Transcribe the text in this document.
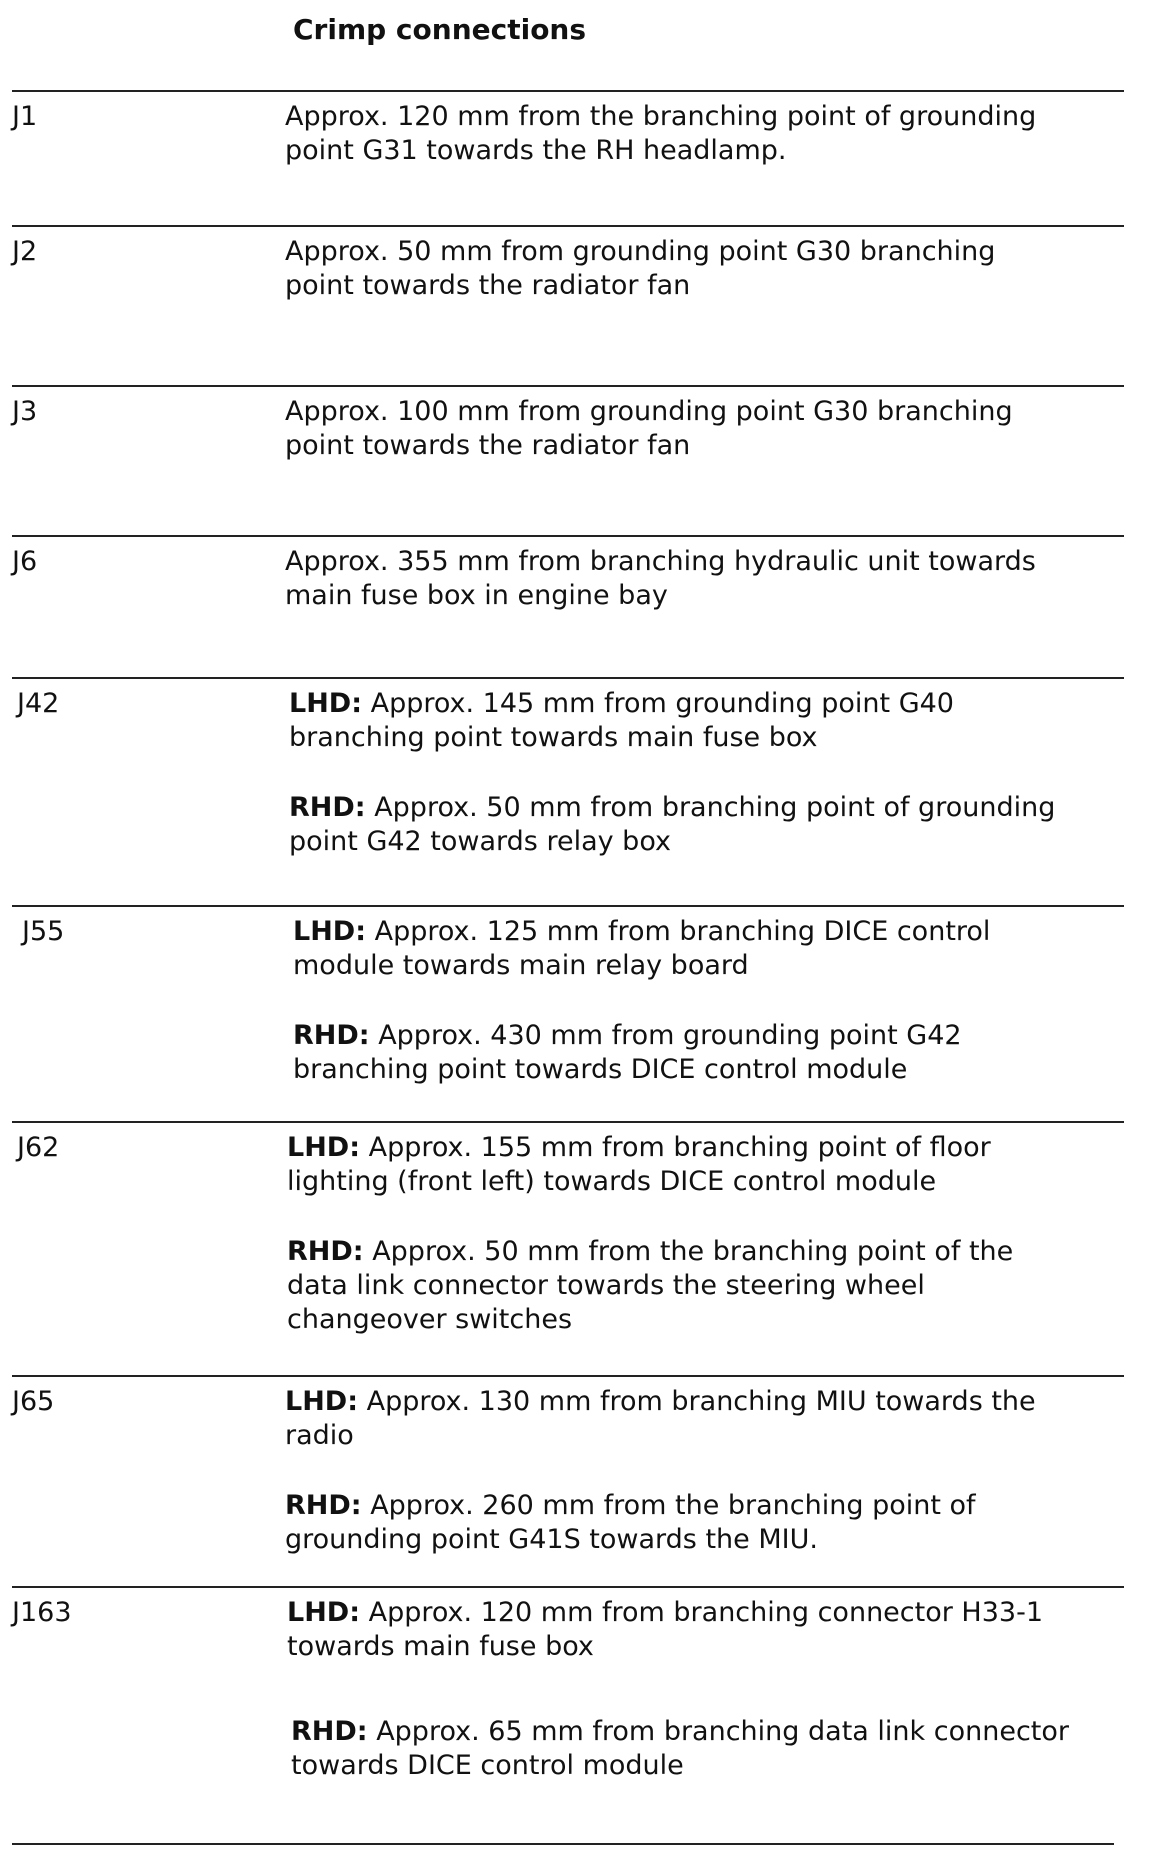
Crimp connections
J1	Approx. 120 mm from the branching point of grounding
point G31 towards the RH headlamp.
J2	Approx. 50 mm from grounding point G30 branching
point towards the radiator fan
J3	Approx. 100 mm from grounding point G30 branching
point towards the radiator fan
J6	Approx. 355 mm from branching hydraulic unit towards
main fuse box in engine bay
J42	LHD: Approx. 145 mm from grounding point G40
branching point towards main fuse box
RHD: Approx. 50 mm from branching point of grounding
point G42 towards relay box
J55	LHD: Approx. 125 mm from branching DICE control
module towards main relay board
RHD: Approx. 430 mm from grounding point G42
branching point towards DICE control module
J62	LHD: Approx. 155 mm from branching point of floor
lighting (front left) towards DICE control module
RHD: Approx. 50 mm from the branching point of the
data link connector towards the steering wheel
changeover switches
J65	LHD: Approx. 130 mm from branching MIU towards the
radio
RHD: Approx. 260 mm from the branching point of
grounding point G41S towards the MIU.
J163	LHD: Approx. 120 mm from branching connector H33-1
towards main fuse box
RHD: Approx. 65 mm from branching data link connector
towards DICE control module
